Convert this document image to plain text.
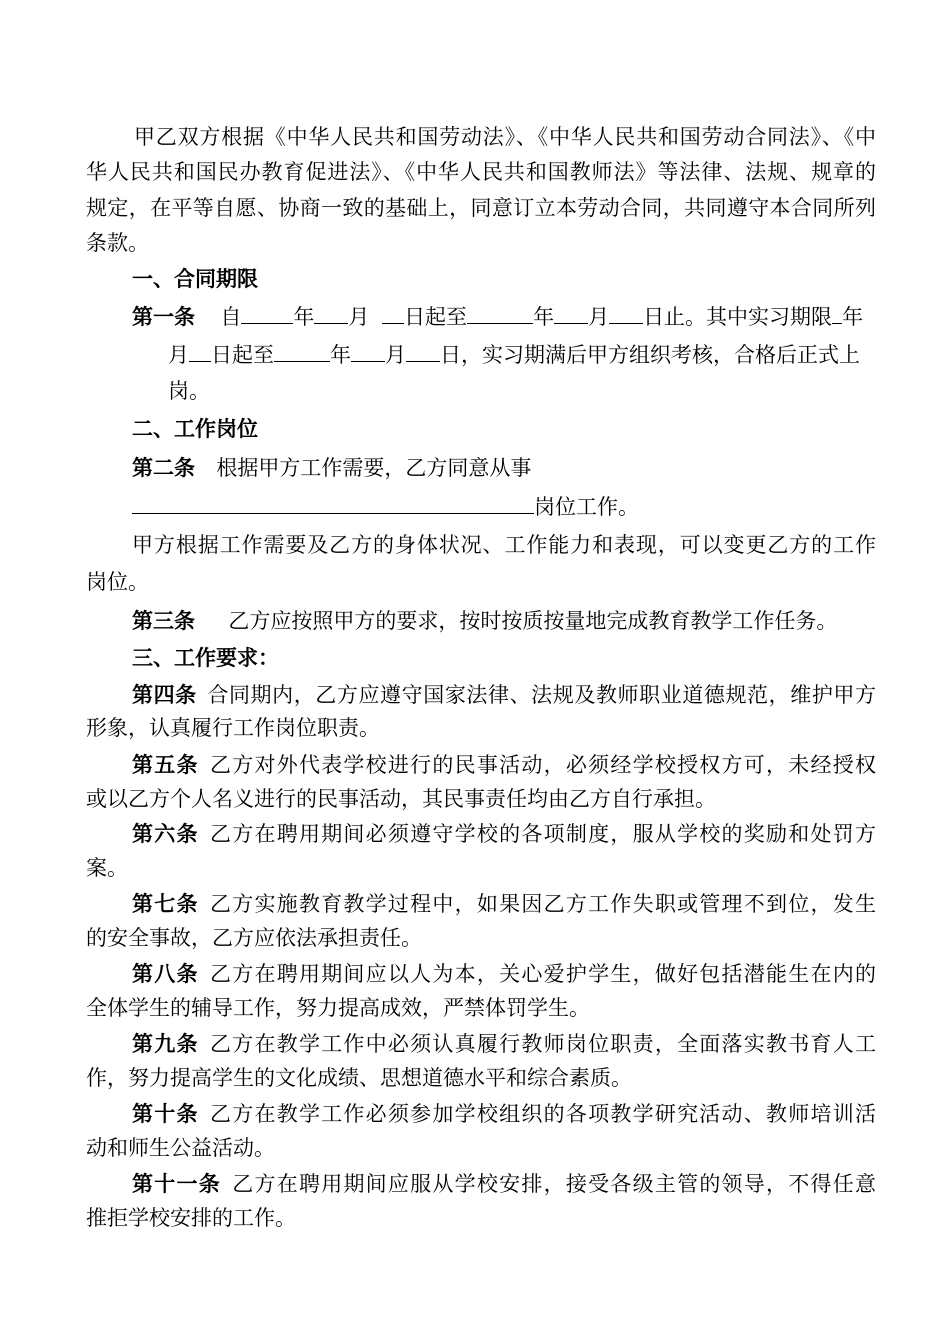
甲乙双方根据《中华人民共和国劳动法》、《中华人民共和国劳动合同法》、《中
华人民共和国民办教育促进法》、《中华人民共和国教师法》等法律、法规、规章的
规定，在平等自愿、协商一致的基础上，同意订立本劳动合同，共同遵守本合同所列
条款。
一、合同期限
第一条 自 年 月 日起至	年 月 日止。其中实习期限 年
月 日起至	年 月 日，实习期满后甲方组织考核，合格后正式上
岗。
二、工作岗位
第二条 根据甲方工作需要，乙方同意从事
岗位工作。
甲方根据工作需要及乙方的身体状况、工作能力和表现，可以变更乙方的工作
岗位。
第三条 乙方应按照甲方的要求，按时按质按量地完成教育教学工作任务。
三、工作要求：
第四条 合同期内，乙方应遵守国家法律、法规及教师职业道德规范，维护甲方
形象，认真履行工作岗位职责。
第五条 乙方对外代表学校进行的民事活动，必须经学校授权方可，未经授权
或以乙方个人名义进行的民事活动，其民事责任均由乙方自行承担。
第六条 乙方在聘用期间必须遵守学校的各项制度，服从学校的奖励和处罚方
案。
第七条 乙方实施教育教学过程中，如果因乙方工作失职或管理不到位，发生
的安全事故，乙方应依法承担责任。
第八条 乙方在聘用期间应以人为本，关心爱护学生，做好包括潜能生在内的
全体学生的辅导工作，努力提高成效，严禁体罚学生。
第九条 乙方在教学工作中必须认真履行教师岗位职责，全面落实教书育人工
作，努力提高学生的文化成绩、思想道德水平和综合素质。
第十条 乙方在教学工作必须参加学校组织的各项教学研究活动、教师培训活
动和师生公益活动。
第十一条 乙方在聘用期间应服从学校安排，接受各级主管的领导，不得任意
推拒学校安排的工作。
